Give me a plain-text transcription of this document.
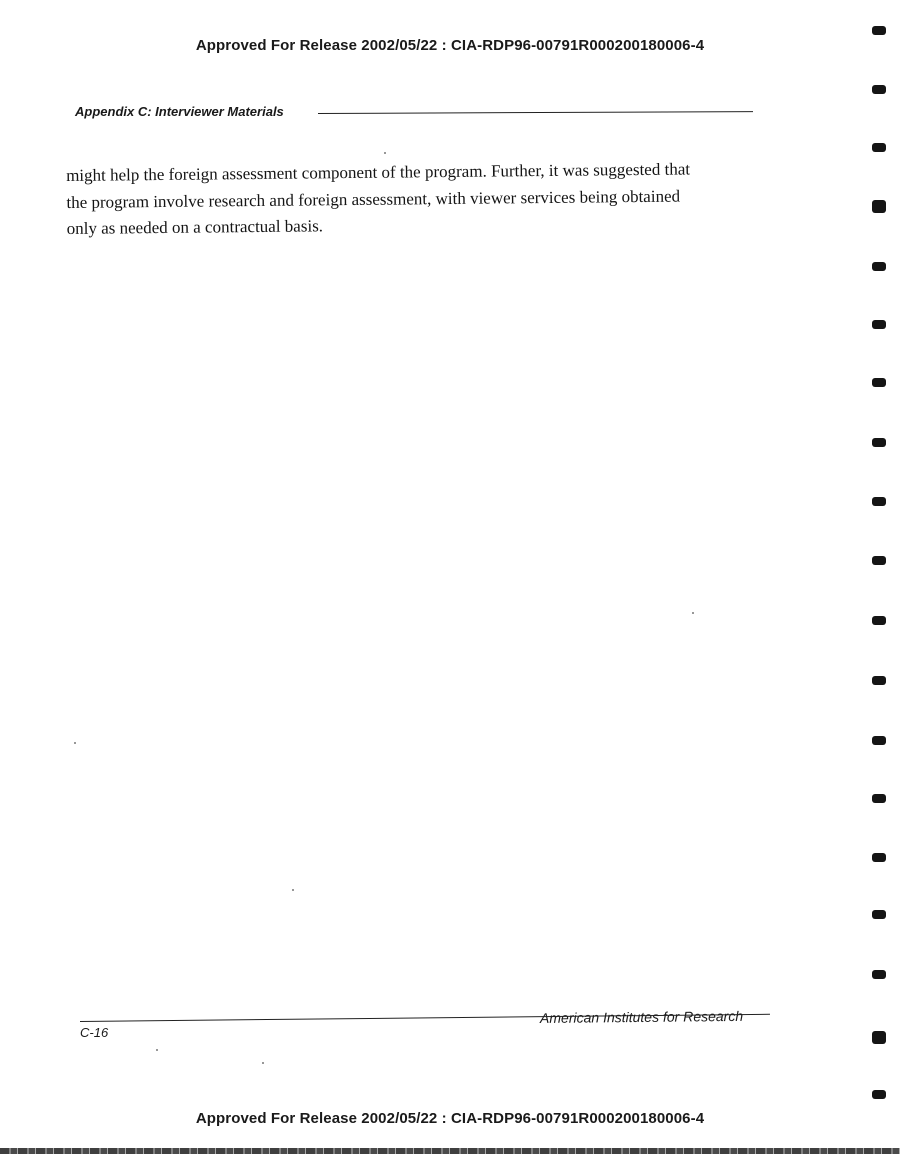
Approved For Release 2002/05/22 : CIA-RDP96-00791R000200180006-4
Appendix C: Interviewer Materials
might help the foreign assessment component of the program. Further, it was suggested that
the program involve research and foreign assessment, with viewer services being obtained
only as needed on a contractual basis.
American Institutes for Research
C-16
Approved For Release 2002/05/22 : CIA-RDP96-00791R000200180006-4
